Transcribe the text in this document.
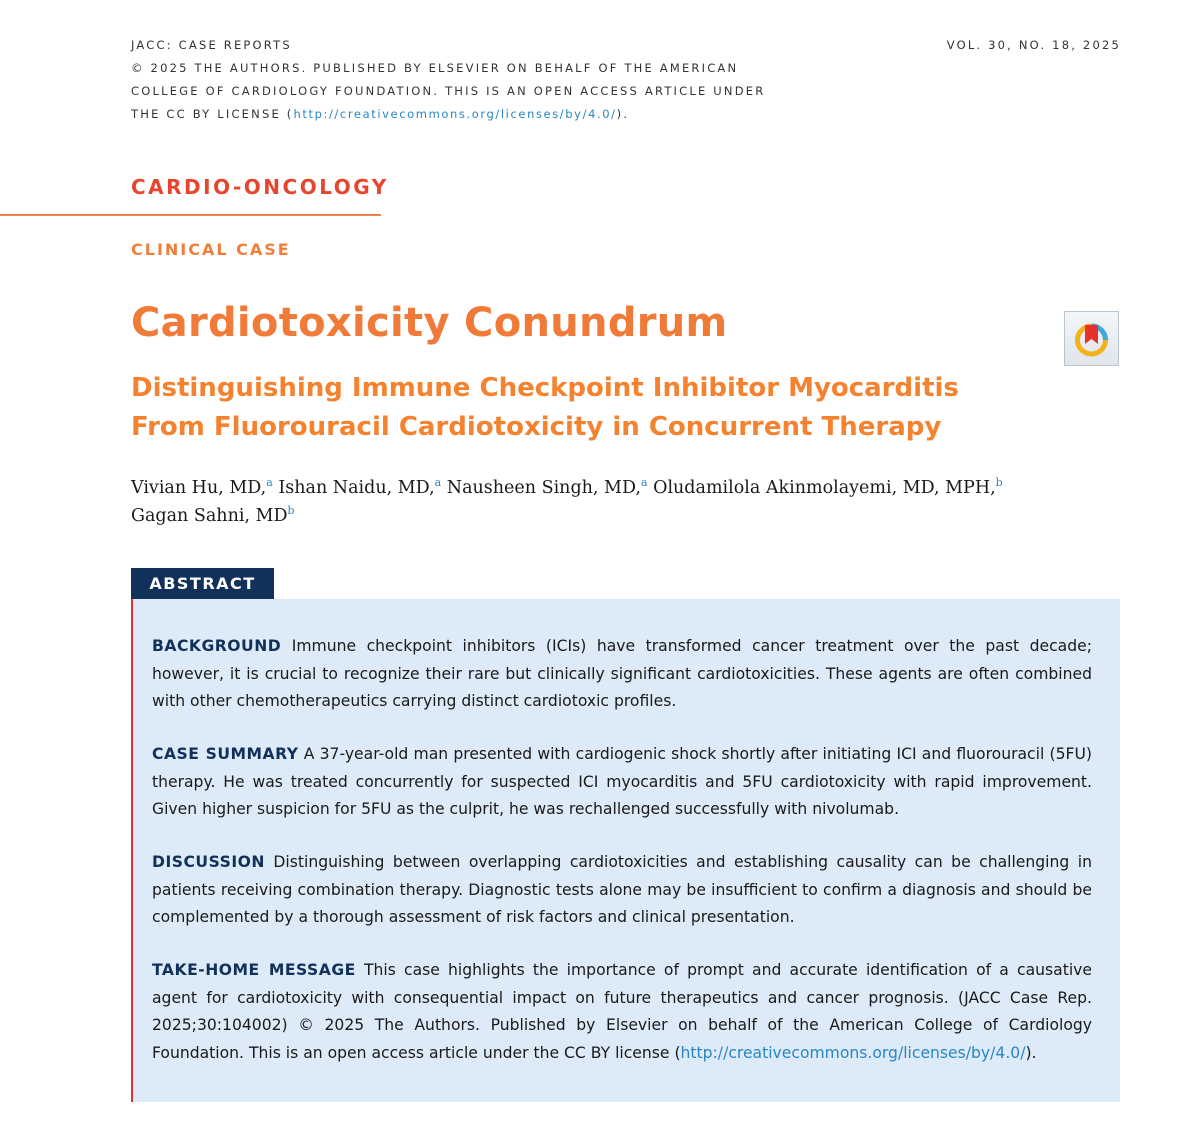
JACC: CASE REPORTS
© 2025 THE AUTHORS. PUBLISHED BY ELSEVIER ON BEHALF OF THE AMERICAN
COLLEGE OF CARDIOLOGY FOUNDATION. THIS IS AN OPEN ACCESS ARTICLE UNDER
THE CC BY LICENSE (http://creativecommons.org/licenses/by/4.0/).
VOL. 30, NO. 18, 2025
CARDIO-ONCOLOGY
CLINICAL CASE
Cardiotoxicity Conundrum
Distinguishing Immune Checkpoint Inhibitor Myocarditis
From Fluorouracil Cardiotoxicity in Concurrent Therapy
Vivian Hu, MD,$^a$ Ishan Naidu, MD,$^a$ Nausheen Singh, MD,$^a$ Oludamilola Akinmolayemi, MD, MPH,$^b$
Gagan Sahni, $MD^b$
ABSTRACT
BACKGROUND Immune checkpoint inhibitors (ICIs) have transformed cancer treatment over the past decade; however, it is crucial to recognize their rare but clinically significant cardiotoxicities. These agents are often combined with other chemotherapeutics carrying distinct cardiotoxic profiles.
CASE SUMMARY A 37-year-old man presented with cardiogenic shock shortly after initiating ICI and fluorouracil (5FU) therapy. He was treated concurrently for suspected ICI myocarditis and 5FU cardiotoxicity with rapid improvement. Given higher suspicion for 5FU as the culprit, he was rechallenged successfully with nivolumab.
DISCUSSION Distinguishing between overlapping cardiotoxicities and establishing causality can be challenging in patients receiving combination therapy. Diagnostic tests alone may be insufficient to confirm a diagnosis and should be complemented by a thorough assessment of risk factors and clinical presentation.
TAKE-HOME MESSAGE This case highlights the importance of prompt and accurate identification of a causative agent for cardiotoxicity with consequential impact on future therapeutics and cancer prognosis. (JACC Case Rep. 2025;30:104002) © 2025 The Authors. Published by Elsevier on behalf of the American College of Cardiology Foundation. This is an open access article under the CC BY license (http://creativecommons.org/licenses/by/4.0/).
